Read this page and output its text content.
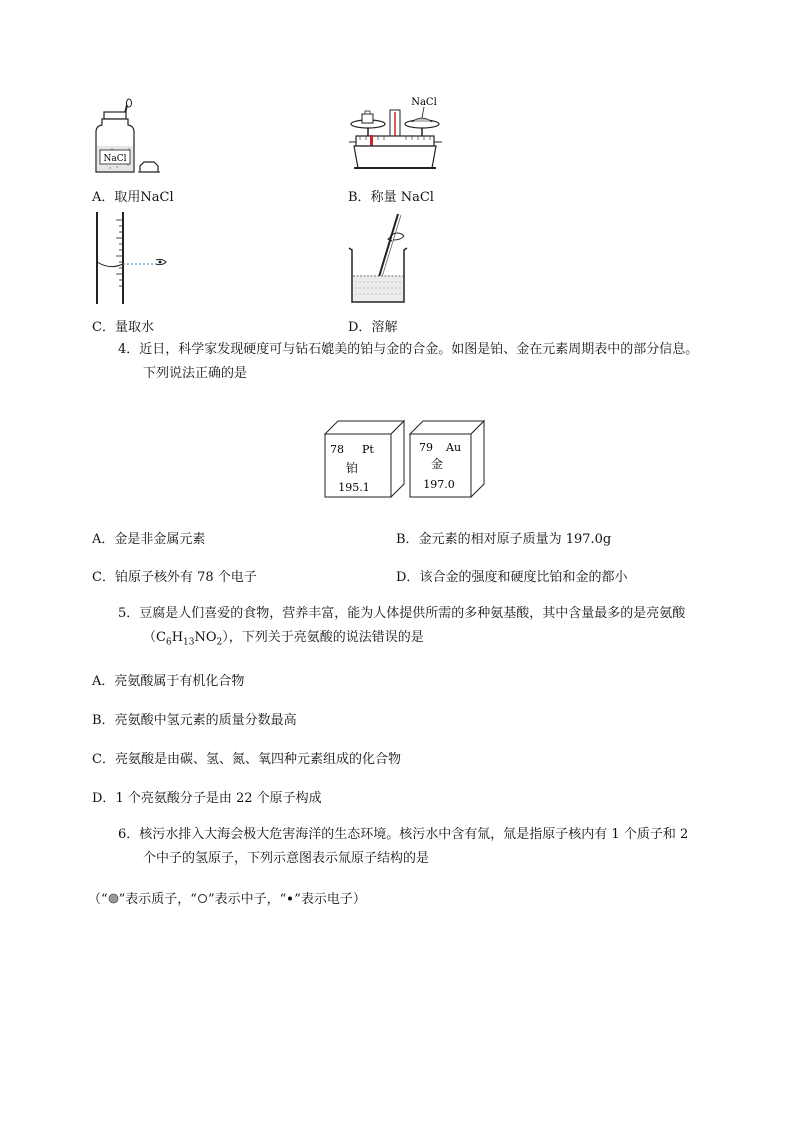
NaCl
NaCl
A．取用NaCl	B．称量 NaCl
C．量取水	D．溶解
4．近日，科学家发现硬度可与钻石媲美的铂与金的合金。如图是铂、金在元素周期表中的部分信息。
下列说法正确的是
78 Pt
铂
195.1
79 Au
金
197.0
A．金是非金属元素	B．金元素的相对原子质量为 197.0g
C．铂原子核外有 78 个电子	D．该合金的强度和硬度比铂和金的都小
5．豆腐是人们喜爱的食物，营养丰富，能为人体提供所需的多种氨基酸，其中含量最多的是亮氨酸
$(C_6H_{13}NO_2)$，下列关于亮氨酸的说法错误的是
A．亮氨酸属于有机化合物
B．亮氨酸中氢元素的质量分数最高
C．亮氨酸是由碳、氢、氮、氧四种元素组成的化合物
D．1 个亮氨酸分子是由 22 个原子构成
6．核污水排入大海会极大危害海洋的生态环境。核污水中含有氚，氚是指原子核内有 1 个质子和 2
个中子的氢原子，下列示意图表示氚原子结构的是
（“ ”表示质子，“ ”表示中子，“ ”表示电子）
